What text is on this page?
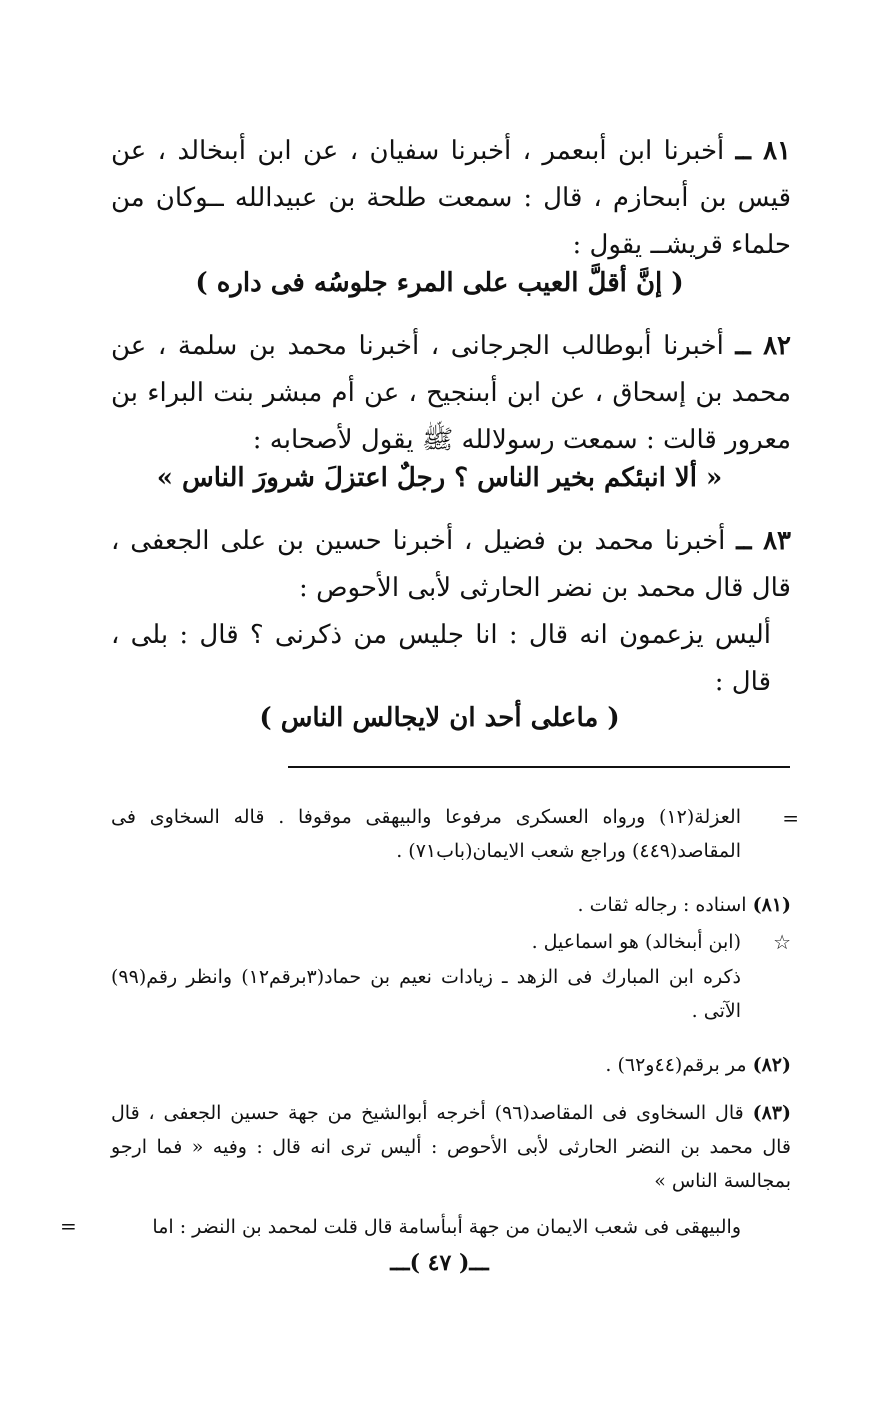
٨١ ــ أخبرنا ابن أبىعمر ، أخبرنا سفيان ، عن ابن أبىخالد ، عن قيس بن أبىحازم ، قال : سمعت طلحة بن عبيدالله ــوكان من حلماء قريشــ يقول :

( إنَّ أقلَّ العيب على المرء جلوسُه فى داره )

٨٢ ــ أخبرنا أبوطالب الجرجانى ، أخبرنا محمد بن سلمة ، عن محمد بن إسحاق ، عن ابن أبىنجيح ، عن أم مبشر بنت البراء بن معرور قالت : سمعت رسولالله ﷺ يقول لأصحابه :

« ألا انبئكم بخير الناس ؟ رجلٌ اعتزلَ شرورَ الناس »

٨٣ ــ أخبرنا محمد بن فضيل ، أخبرنا حسين بن على الجعفى ، قال قال محمد بن نضر الحارثى لأبى الأحوص :

أليس يزعمون انه قال : انا جليس من ذكرنى ؟ قال : بلى ، قال :

( ماعلى أحد ان لايجالس الناس )

=

العزلة(١٢) ورواه العسكرى مرفوعا والبيهقى موقوفا . قاله السخاوى فى المقاصد(٤٤٩) وراجع شعب الايمان(باب٧١) .

(٨١) اسناده : رجاله ثقات .

☆

(ابن أبىخالد) هو اسماعيل .

ذكره ابن المبارك فى الزهد ـ زيادات نعيم بن حماد(٣برقم١٢) وانظر رقم(٩٩) الآتى .

(٨٢) مر برقم(٤٤و٦٢) .

(٨٣) قال السخاوى فى المقاصد(٩٦) أخرجه أبوالشيخ من جهة حسين الجعفى ، قال قال محمد بن النضر الحارثى لأبى الأحوص : أليس ترى انه قال : وفيه « فما ارجو بمجالسة الناس »

والبيهقى فى شعب الايمان من جهة أبىأسامة قال قلت لمحمد بن النضر : اما

=
ـــ( ٤٧ )ـــ
